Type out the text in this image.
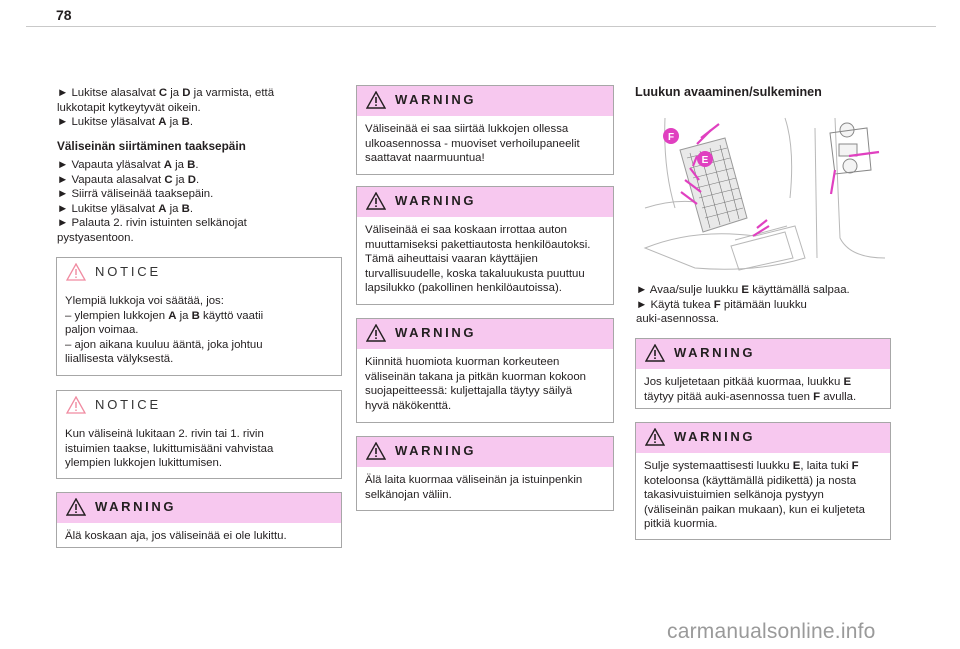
78

► Lukitse alasalvat C ja D ja varmista, että

lukkotapit kytkeytyvät oikein.

► Lukitse yläsalvat A ja B.

Väliseinän siirtäminen taaksepäin

► Vapauta yläsalvat A ja B.

► Vapauta alasalvat C ja D.

► Siirrä väliseinää taaksepäin.

► Lukitse yläsalvat A ja B.

► Palauta 2. rivin istuinten selkänojat

pystyasentoon.

NOTICE

Ylempiä lukkoja voi säätää, jos:

– ylempien lukkojen A ja B käyttö vaatii

paljon voimaa.

– ajon aikana kuuluu ääntä, joka johtuu

liiallisesta välyksestä.

NOTICE

Kun väliseinä lukitaan 2. rivin tai 1. rivin

istuimien taakse, lukittumisääni vahvistaa

ylempien lukkojen lukittumisen.

WARNING

Älä koskaan aja, jos väliseinää ei ole lukittu.

WARNING

Väliseinää ei saa siirtää lukkojen ollessa

ulkoasennossa - muoviset verhoilupaneelit

saattavat naarmuuntua!

WARNING

Väliseinää ei saa koskaan irrottaa auton

muuttamiseksi pakettiautosta henkilöautoksi.

Tämä aiheuttaisi vaaran käyttäjien

turvallisuudelle, koska takaluukusta puuttuu

lapsilukko (pakollinen henkilöautoissa).

WARNING

Kiinnitä huomiota kuorman korkeuteen

väliseinän takana ja pitkän kuorman kokoon

suojapeitteessä: kuljettajalla täytyy säilyä

hyvä näkökenttä.

WARNING

Älä laita kuormaa väliseinän ja istuinpenkin

selkänojan väliin.

Luukun avaaminen/sulkeminen

F
E

► Avaa/sulje luukku E käyttämällä salpaa.

► Käytä tukea F pitämään luukku

auki-asennossa.

WARNING

Jos kuljetetaan pitkää kuormaa, luukku E

täytyy pitää auki-asennossa tuen F avulla.

WARNING

Sulje systemaattisesti luukku E, laita tuki F

koteloonsa (käyttämällä pidikettä) ja nosta

takasivuistuimien selkänoja pystyyn

(väliseinän paikan mukaan), kun ei kuljeteta

pitkiä kuormia.

carmanualsonline.info
